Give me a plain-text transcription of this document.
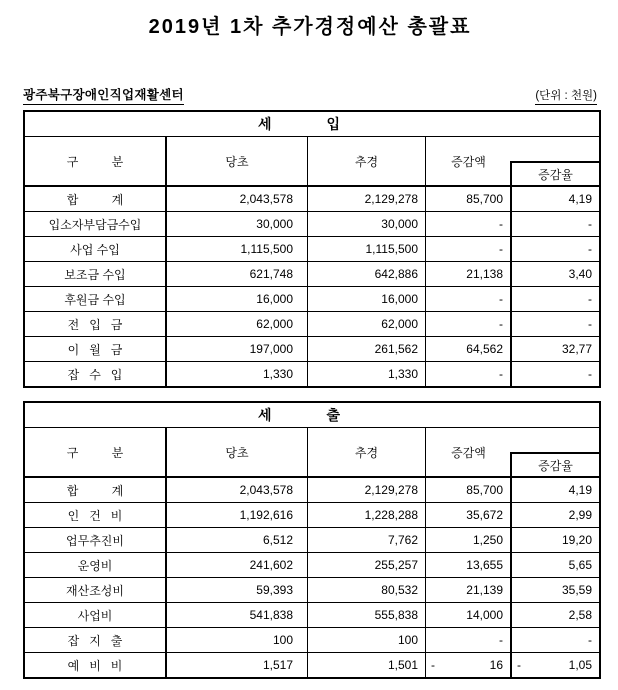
2019년 1차 추가경정예산 총괄표
광주북구장애인직업재활센터	(단위 : 천원)
세	입
구          분	당초	추경	증감액
증감율
합          계	2,043,578	2,129,278	85,700	4,19
입소자부담금수입	30,000	30,000	-	-
사업 수입	1,115,500	1,115,500	-	-
보조금 수입	621,748	642,886	21,138	3,40
후원금 수입	16,000	16,000	-	-
전   입   금	62,000	62,000	-	-
이   월   금	197,000	261,562	64,562	32,77
잡   수   입	1,330	1,330	-	-
세	출
구          분	당초	추경	증감액
증감율
합          계	2,043,578	2,129,278	85,700	4,19
인   건   비	1,192,616	1,228,288	35,672	2,99
업무추진비	6,512	7,762	1,250	19,20
운영비	241,602	255,257	13,655	5,65
재산조성비	59,393	80,532	21,139	35,59
사업비	541,838	555,838	14,000	2,58
잡   지   출	100	100	-	-
예   비   비	1,517	1,501	-	16 -	1,05
